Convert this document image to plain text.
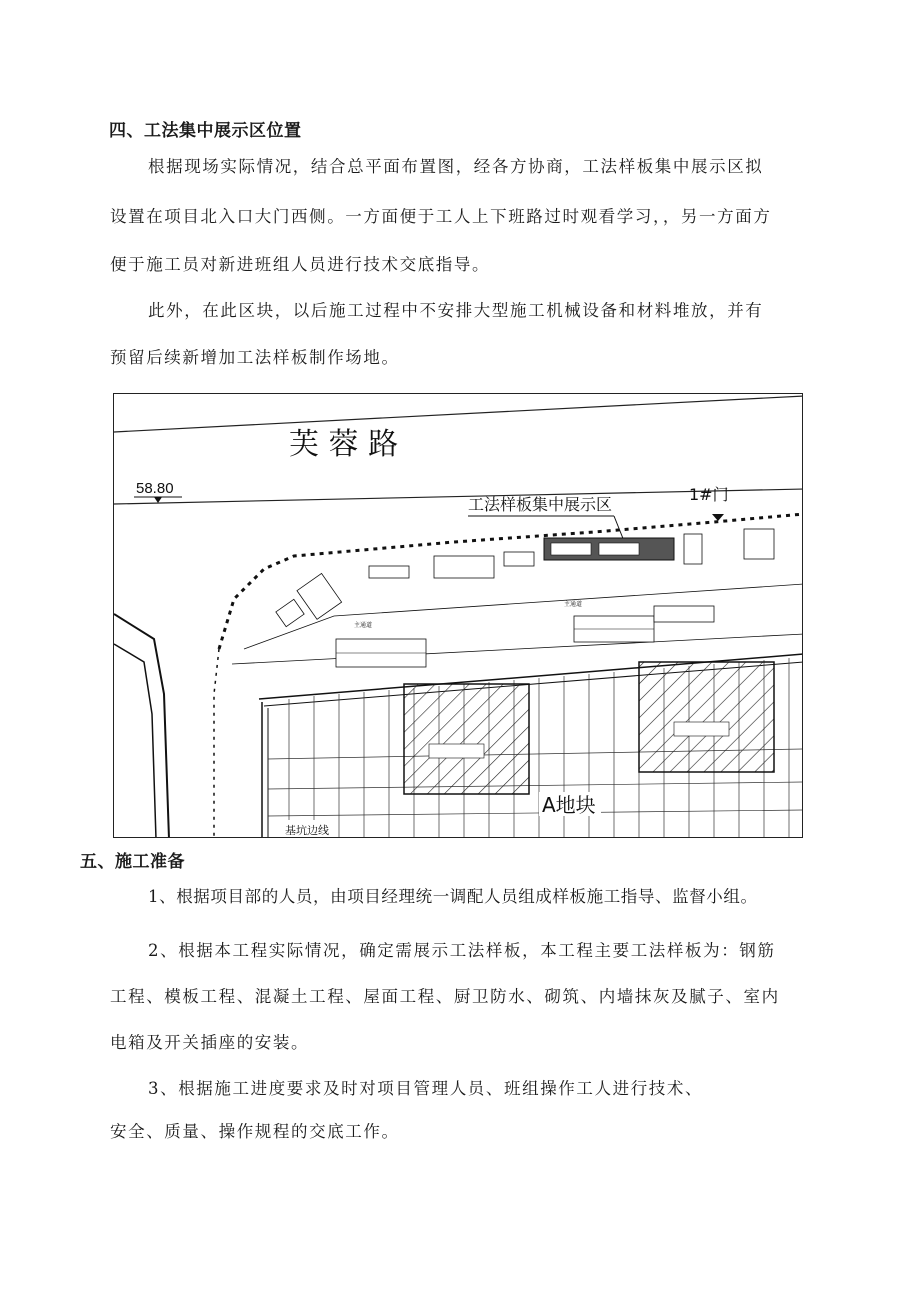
四、工法集中展示区位置
根据现场实际情况，结合总平面布置图，经各方协商，工法样板集中展示区拟
设置在项目北入口大门西侧。一方面便于工人上下班路过时观看学习，，另一方面方
便于施工员对新进班组人员进行技术交底指导。
此外，在此区块，以后施工过程中不安排大型施工机械设备和材料堆放，并有
预留后续新增加工法样板制作场地。
芙 蓉 路
58.80
工法样板集中展示区
1#门
主通道
主通道
A地块
基坑边线
五、施工准备
1、根据项目部的人员，由项目经理统一调配人员组成样板施工指导、监督小组。
2、根据本工程实际情况，确定需展示工法样板，本工程主要工法样板为：钢筋
工程、模板工程、混凝土工程、屋面工程、厨卫防水、砌筑、内墙抹灰及腻子、室内
电箱及开关插座的安装。
3、根据施工进度要求及时对项目管理人员、班组操作工人进行技术、
安全、质量、操作规程的交底工作。
